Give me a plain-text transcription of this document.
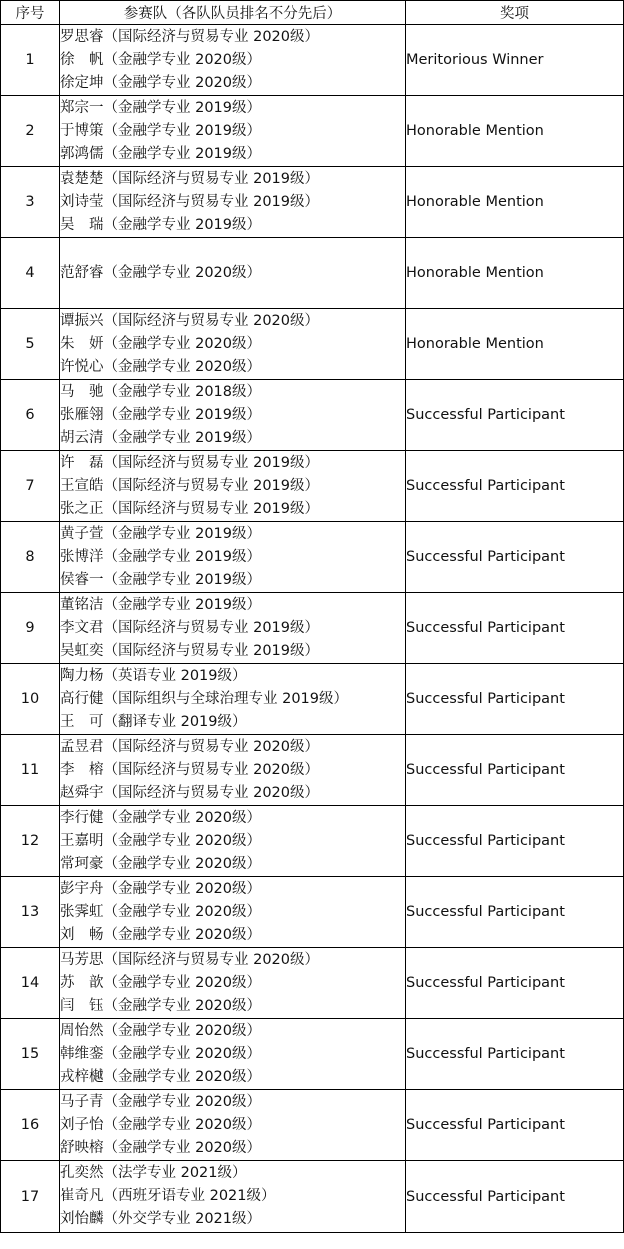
序号	参赛队（各队队员排名不分先后）	奖项
1	罗思睿（国际经济与贸易专业 2020级）
徐　帆（金融学专业 2020级）
徐定坤（金融学专业 2020级）	Meritorious Winner
2	郑宗一（金融学专业 2019级）
于博策（金融学专业 2019级）
郭鸿儒（金融学专业 2019级）	Honorable Mention
3	袁楚楚（国际经济与贸易专业 2019级）
刘诗莹（国际经济与贸易专业 2019级）
吴　瑞（金融学专业 2019级）	Honorable Mention
4	范舒睿（金融学专业 2020级）	Honorable Mention
5	谭振兴（国际经济与贸易专业 2020级）
朱　妍（金融学专业 2020级）
许悦心（金融学专业 2020级）	Honorable Mention
6	马　驰（金融学专业 2018级）
张雁翎（金融学专业 2019级）
胡云清（金融学专业 2019级）	Successful Participant
7	许　磊（国际经济与贸易专业 2019级）
王宣皓（国际经济与贸易专业 2019级）
张之正（国际经济与贸易专业 2019级）	Successful Participant
8	黄子萱（金融学专业 2019级）
张博洋（金融学专业 2019级）
侯睿一（金融学专业 2019级）	Successful Participant
9	董铭洁（金融学专业 2019级）
李文君（国际经济与贸易专业 2019级）
吴虹奕（国际经济与贸易专业 2019级）	Successful Participant
10	陶力杨（英语专业 2019级）
高行健（国际组织与全球治理专业 2019级）
王　可（翻译专业 2019级）	Successful Participant
11	孟昱君（国际经济与贸易专业 2020级）
李　榕（国际经济与贸易专业 2020级）
赵舜宇（国际经济与贸易专业 2020级）	Successful Participant
12	李行健（金融学专业 2020级）
王嘉明（金融学专业 2020级）
常珂豪（金融学专业 2020级）	Successful Participant
13	彭宇舟（金融学专业 2020级）
张霁虹（金融学专业 2020级）
刘　畅（金融学专业 2020级）	Successful Participant
14	马芳思（国际经济与贸易专业 2020级）
苏　歆（金融学专业 2020级）
闫　钰（金融学专业 2020级）	Successful Participant
15	周怡然（金融学专业 2020级）
韩维銮（金融学专业 2020级）
戎梓樾（金融学专业 2020级）	Successful Participant
16	马子青（金融学专业 2020级）
刘子怡（金融学专业 2020级）
舒映榕（金融学专业 2020级）	Successful Participant
17	孔奕然（法学专业 2021级）
崔奇凡（西班牙语专业 2021级）
刘怡麟（外交学专业 2021级）	Successful Participant
